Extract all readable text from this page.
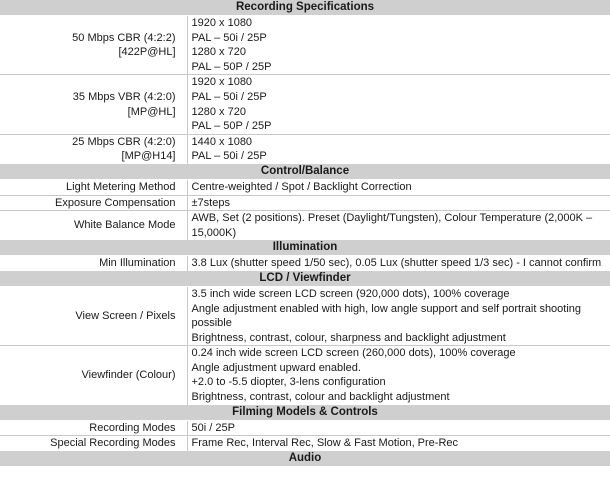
Recording Specifications	

50 Mbps CBR (4:2:2)
[422P@HL]	1920 x 1080
PAL – 50i / 25P
1280 x 720
PAL – 50P / 25P

35 Mbps VBR (4:2:0)
[MP@HL]	1920 x 1080
PAL – 50i / 25P
1280 x 720
PAL – 50P / 25P

25 Mbps CBR (4:2:0)
[MP@H14]	1440 x 1080
PAL – 50i / 25P

Control/Balance	

Light Metering Method	Centre-weighted / Spot / Backlight Correction

Exposure Compensation	±7steps

White Balance Mode	AWB, Set (2 positions). Preset (Daylight/Tungsten), Colour Temperature (2,000K – 15,000K)

Illumination	

Min Illumination	3.8 Lux (shutter speed 1/50 sec), 0.05 Lux (shutter speed 1/3 sec) - I cannot confirm

LCD / Viewfinder	

View Screen / Pixels	3.5 inch wide screen LCD screen (920,000 dots), 100% coverage
Angle adjustment enabled with high, low angle support and self portrait shooting possible
Brightness, contrast, colour, sharpness and backlight adjustment

Viewfinder (Colour)	0.24 inch wide screen LCD screen (260,000 dots), 100% coverage
Angle adjustment upward enabled.
+2.0 to -5.5 diopter, 3-lens configuration
Brightness, contrast, colour and backlight adjustment

Filming Models & Controls	

Recording Modes	50i / 25P

Special Recording Modes	Frame Rec, Interval Rec, Slow & Fast Motion, Pre-Rec

Audio	
